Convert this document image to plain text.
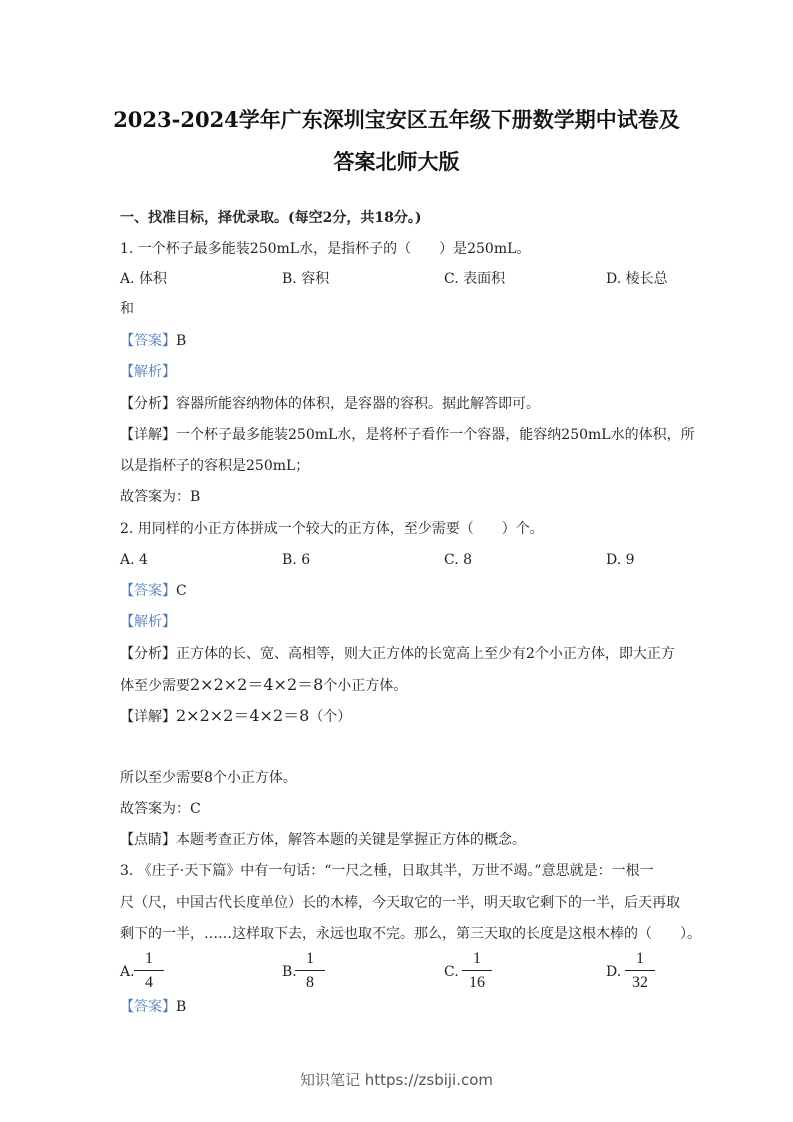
2023-2024学年广东深圳宝安区五年级下册数学期中试卷及
答案北师大版
一、找准目标，择优录取。(每空2分，共18分。)
1. 一个杯子最多能装250mL水，是指杯子的（　　）是250mL。
A. 体积	B. 容积	C. 表面积	D. 棱长总
和
【答案】B
【解析】
【分析】容器所能容纳物体的体积，是容器的容积。据此解答即可。
【详解】一个杯子最多能装250mL水，是将杯子看作一个容器，能容纳250mL水的体积，所
以是指杯子的容积是250mL；
故答案为：B
2. 用同样的小正方体拼成一个较大的正方体，至少需要（　　）个。
A. 4	B. 6	C. 8	D. 9
【答案】C
【解析】
【分析】正方体的长、宽、高相等，则大正方体的长宽高上至少有2个小正方体，即大正方
体至少需要2×2×2＝4×2＝8个小正方体。
【详解】2×2×2＝4×2＝8（个）
所以至少需要8个小正方体。
故答案为：C
【点睛】本题考查正方体，解答本题的关键是掌握正方体的概念。
3. 《庄子·天下篇》中有一句话：“一尺之棰，日取其半，万世不竭。”意思就是：一根一
尺（尺，中国古代长度单位）长的木棒，今天取它的一半，明天取它剩下的一半，后天再取
剩下的一半，……这样取下去，永远也取不完。那么，第三天取的长度是这根木棒的（　　）。
A.
1
4
B.
1
8
C.
1
16
D.
1
32
【答案】B
知识笔记 https://zsbiji.com
